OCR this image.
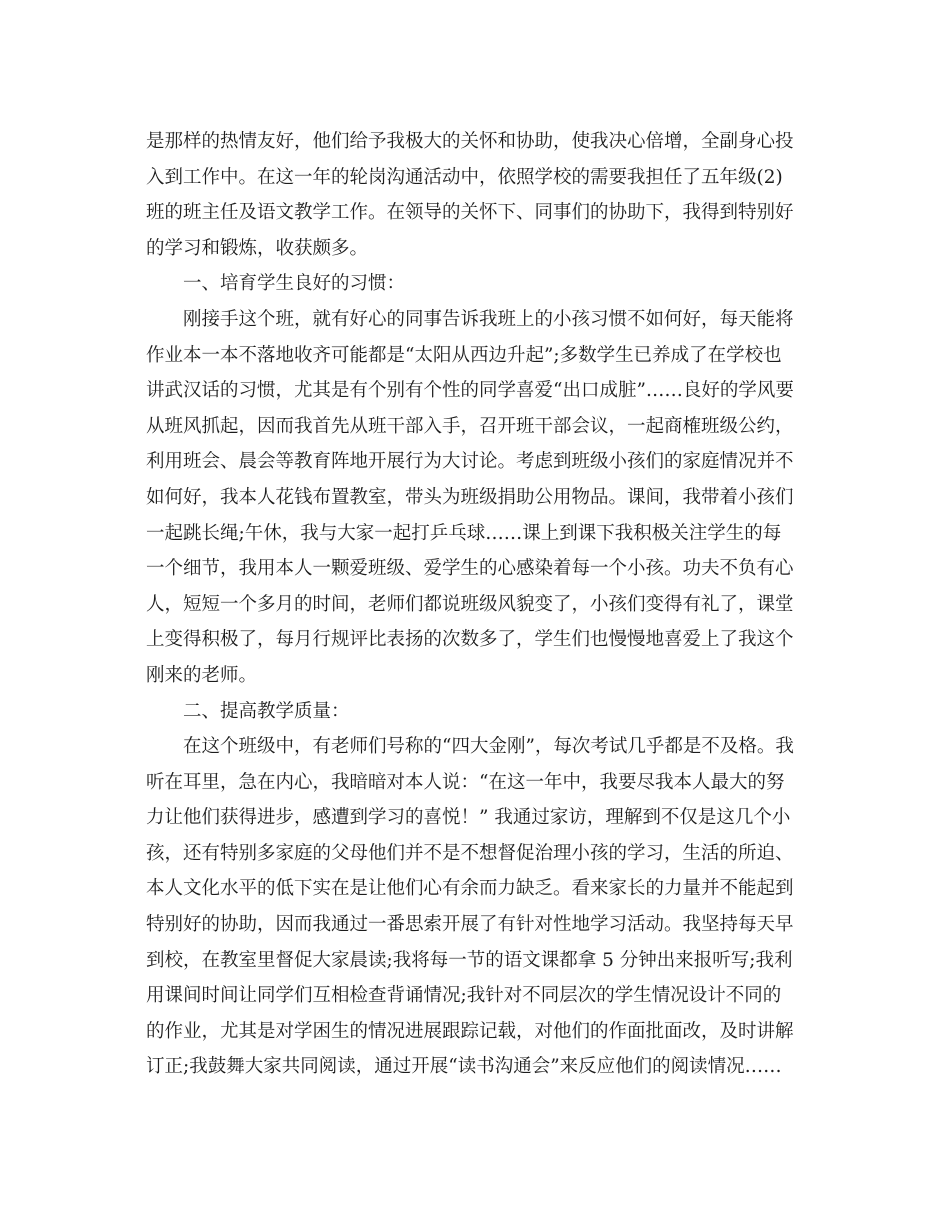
是那样的热情友好，他们给予我极大的关怀和协助，使我决心倍增，全副身心投
入到工作中。在这一年的轮岗沟通活动中，依照学校的需要我担任了五年级(2)
班的班主任及语文教学工作。在领导的关怀下、同事们的协助下，我得到特别好
的学习和锻炼，收获颇多。
一、培育学生良好的习惯：
刚接手这个班，就有好心的同事告诉我班上的小孩习惯不如何好，每天能将
作业本一本不落地收齐可能都是“太阳从西边升起”;多数学生已养成了在学校也
讲武汉话的习惯，尤其是有个别有个性的同学喜爱“出口成脏”……良好的学风要
从班风抓起，因而我首先从班干部入手，召开班干部会议，一起商榷班级公约，
利用班会、晨会等教育阵地开展行为大讨论。考虑到班级小孩们的家庭情况并不
如何好，我本人花钱布置教室，带头为班级捐助公用物品。课间，我带着小孩们
一起跳长绳;午休，我与大家一起打乒乓球……课上到课下我积极关注学生的每
一个细节，我用本人一颗爱班级、爱学生的心感染着每一个小孩。功夫不负有心
人，短短一个多月的时间，老师们都说班级风貌变了，小孩们变得有礼了，课堂
上变得积极了，每月行规评比表扬的次数多了，学生们也慢慢地喜爱上了我这个
刚来的老师。
二、提高教学质量：
在这个班级中，有老师们号称的“四大金刚”，每次考试几乎都是不及格。我
听在耳里，急在内心，我暗暗对本人说：“在这一年中，我要尽我本人最大的努
力让他们获得进步，感遭到学习的喜悦！” 我通过家访，理解到不仅是这几个小
孩，还有特别多家庭的父母他们并不是不想督促治理小孩的学习，生活的所迫、
本人文化水平的低下实在是让他们心有余而力缺乏。看来家长的力量并不能起到
特别好的协助，因而我通过一番思索开展了有针对性地学习活动。我坚持每天早
到校，在教室里督促大家晨读;我将每一节的语文课都拿 5 分钟出来报听写;我利
用课间时间让同学们互相检查背诵情况;我针对不同层次的学生情况设计不同的
的作业，尤其是对学困生的情况进展跟踪记载，对他们的作面批面改，及时讲解
订正;我鼓舞大家共同阅读，通过开展“读书沟通会”来反应他们的阅读情况……
